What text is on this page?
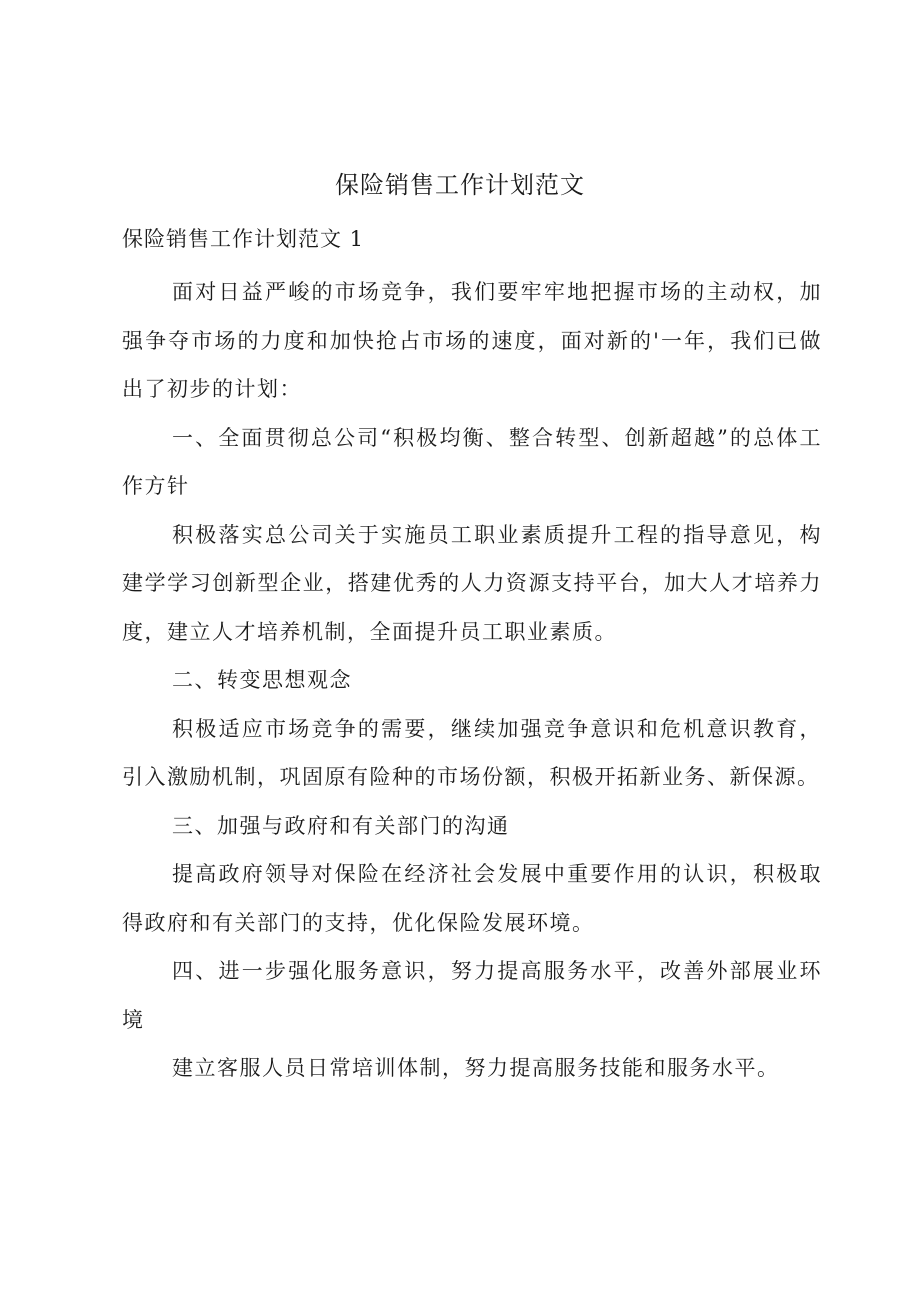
保险销售工作计划范文
保险销售工作计划范文 1

面对日益严峻的市场竞争，我们要牢牢地把握市场的主动权，加强争夺市场的力度和加快抢占市场的速度，面对新的'一年，我们已做出了初步的计划：

一、全面贯彻总公司“积极均衡、整合转型、创新超越”的总体工作方针

积极落实总公司关于实施员工职业素质提升工程的指导意见，构建学学习创新型企业，搭建优秀的人力资源支持平台，加大人才培养力度，建立人才培养机制，全面提升员工职业素质。

二、转变思想观念

积极适应市场竞争的需要，继续加强竞争意识和危机意识教育，引入激励机制，巩固原有险种的市场份额，积极开拓新业务、新保源。

三、加强与政府和有关部门的沟通

提高政府领导对保险在经济社会发展中重要作用的认识，积极取得政府和有关部门的支持，优化保险发展环境。

四、进一步强化服务意识，努力提高服务水平，改善外部展业环境

建立客服人员日常培训体制，努力提高服务技能和服务水平。
